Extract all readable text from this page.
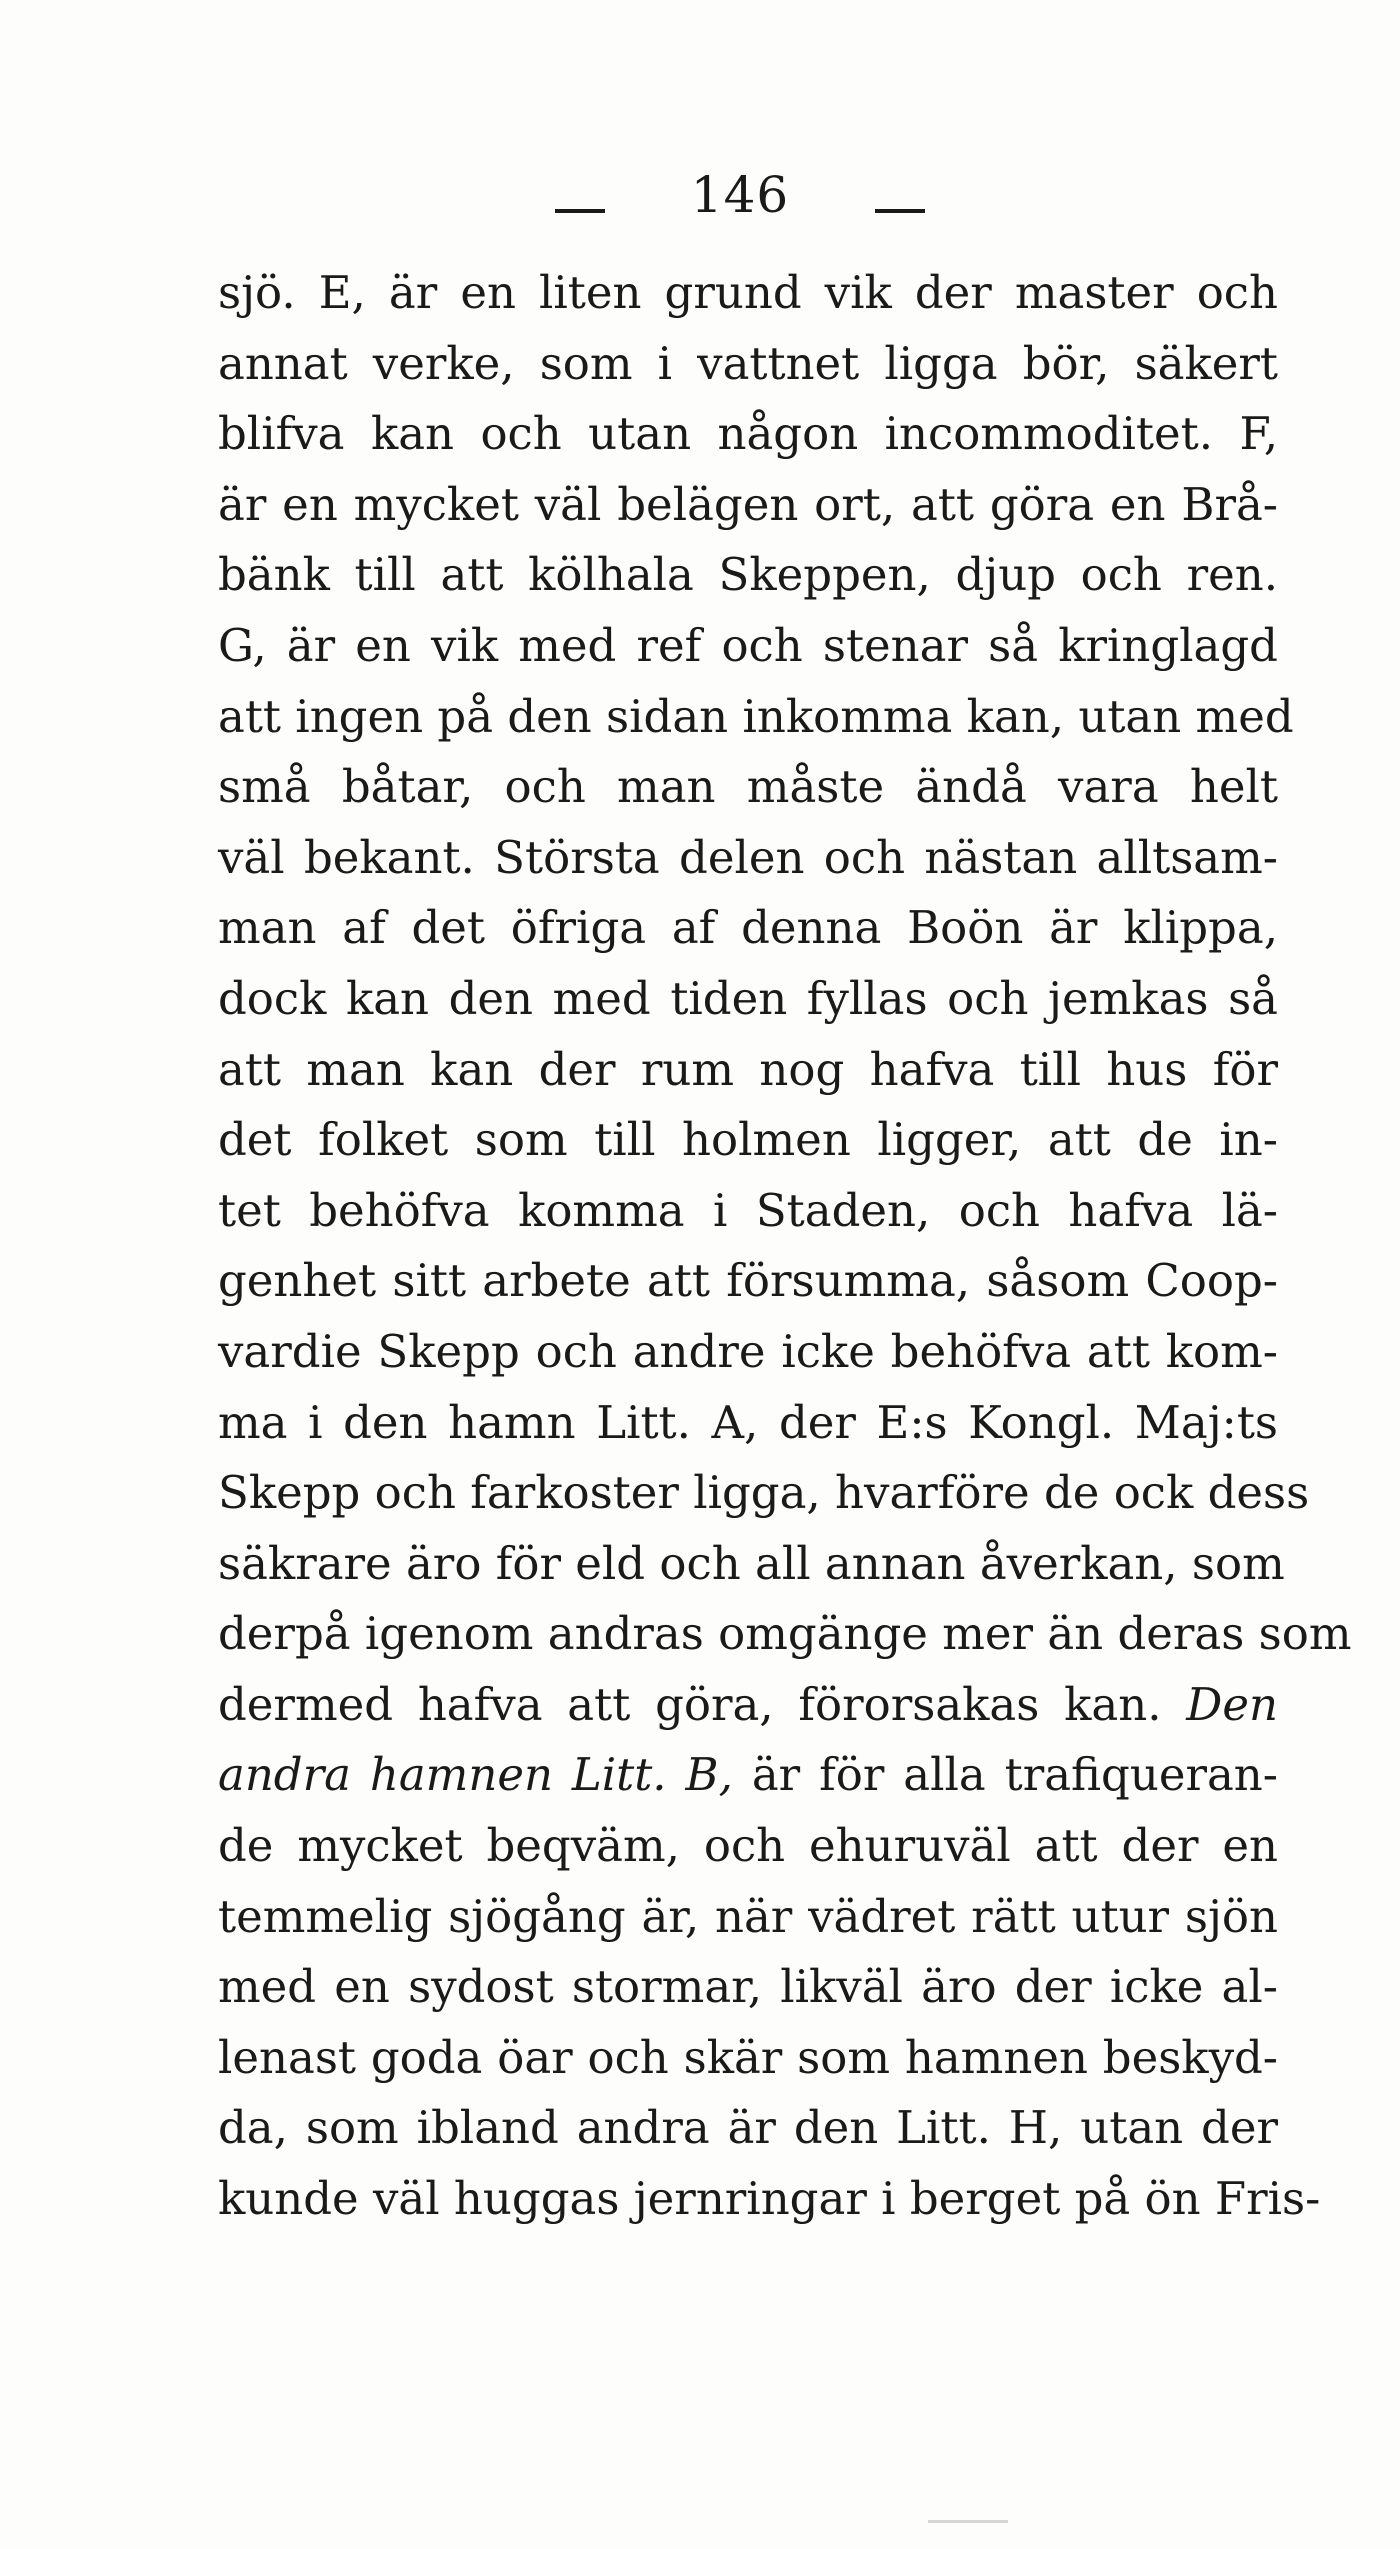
146
sjö. E, är en liten grund vik der master och
annat verke, som i vattnet ligga bör, säkert
blifva kan och utan någon incommoditet. F,
är en mycket väl belägen ort, att göra en Brå-
bänk till att kölhala Skeppen, djup och ren.
G, är en vik med ref och stenar så kringlagd
att ingen på den sidan inkomma kan, utan med
små båtar, och man måste ändå vara helt
väl bekant. Största delen och nästan alltsam-
man af det öfriga af denna Boön är klippa,
dock kan den med tiden fyllas och jemkas så
att man kan der rum nog hafva till hus för
det folket som till holmen ligger, att de in-
tet behöfva komma i Staden, och hafva lä-
genhet sitt arbete att försumma, såsom Coop-
vardie Skepp och andre icke behöfva att kom-
ma i den hamn Litt. A, der E:s Kongl. Maj:ts
Skepp och farkoster ligga, hvarföre de ock dess
säkrare äro för eld och all annan åverkan, som
derpå igenom andras omgänge mer än deras som
dermed hafva att göra, förorsakas kan. Den
andra hamnen Litt. B, är för alla trafiqueran-
de mycket beqväm, och ehuruväl att der en
temmelig sjögång är, när vädret rätt utur sjön
med en sydost stormar, likväl äro der icke al-
lenast goda öar och skär som hamnen beskyd-
da, som ibland andra är den Litt. H, utan der
kunde väl huggas jernringar i berget på ön Fris-
